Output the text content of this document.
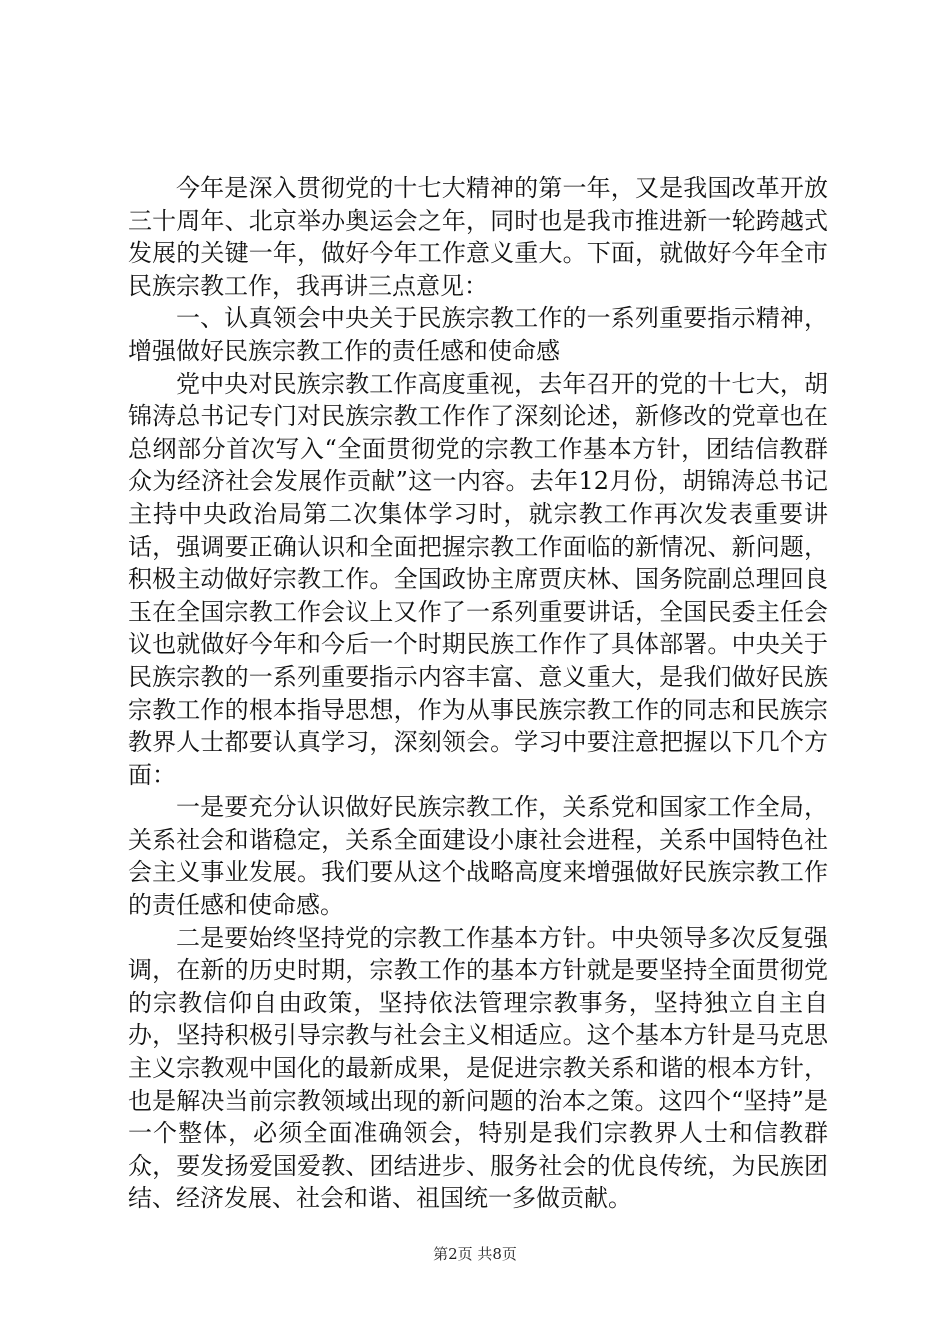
今年是深入贯彻党的十七大精神的第一年，又是我国改革开放三十周年、北京举办奥运会之年，同时也是我市推进新一轮跨越式发展的关键一年，做好今年工作意义重大。下面，就做好今年全市民族宗教工作，我再讲三点意见：

一、认真领会中央关于民族宗教工作的一系列重要指示精神，增强做好民族宗教工作的责任感和使命感

党中央对民族宗教工作高度重视，去年召开的党的十七大，胡锦涛总书记专门对民族宗教工作作了深刻论述，新修改的党章也在总纲部分首次写入“全面贯彻党的宗教工作基本方针，团结信教群众为经济社会发展作贡献”这一内容。去年12月份，胡锦涛总书记主持中央政治局第二次集体学习时，就宗教工作再次发表重要讲话，强调要正确认识和全面把握宗教工作面临的新情况、新问题，积极主动做好宗教工作。全国政协主席贾庆林、国务院副总理回良玉在全国宗教工作会议上又作了一系列重要讲话，全国民委主任会议也就做好今年和今后一个时期民族工作作了具体部署。中央关于民族宗教的一系列重要指示内容丰富、意义重大，是我们做好民族宗教工作的根本指导思想，作为从事民族宗教工作的同志和民族宗教界人士都要认真学习，深刻领会。学习中要注意把握以下几个方面：

一是要充分认识做好民族宗教工作，关系党和国家工作全局，关系社会和谐稳定，关系全面建设小康社会进程，关系中国特色社会主义事业发展。我们要从这个战略高度来增强做好民族宗教工作的责任感和使命感。

二是要始终坚持党的宗教工作基本方针。中央领导多次反复强调，在新的历史时期，宗教工作的基本方针就是要坚持全面贯彻党的宗教信仰自由政策，坚持依法管理宗教事务，坚持独立自主自办，坚持积极引导宗教与社会主义相适应。这个基本方针是马克思主义宗教观中国化的最新成果，是促进宗教关系和谐的根本方针，也是解决当前宗教领域出现的新问题的治本之策。这四个“坚持”是一个整体，必须全面准确领会，特别是我们宗教界人士和信教群众，要发扬爱国爱教、团结进步、服务社会的优良传统，为民族团结、经济发展、社会和谐、祖国统一多做贡献。

第2页 共8页
